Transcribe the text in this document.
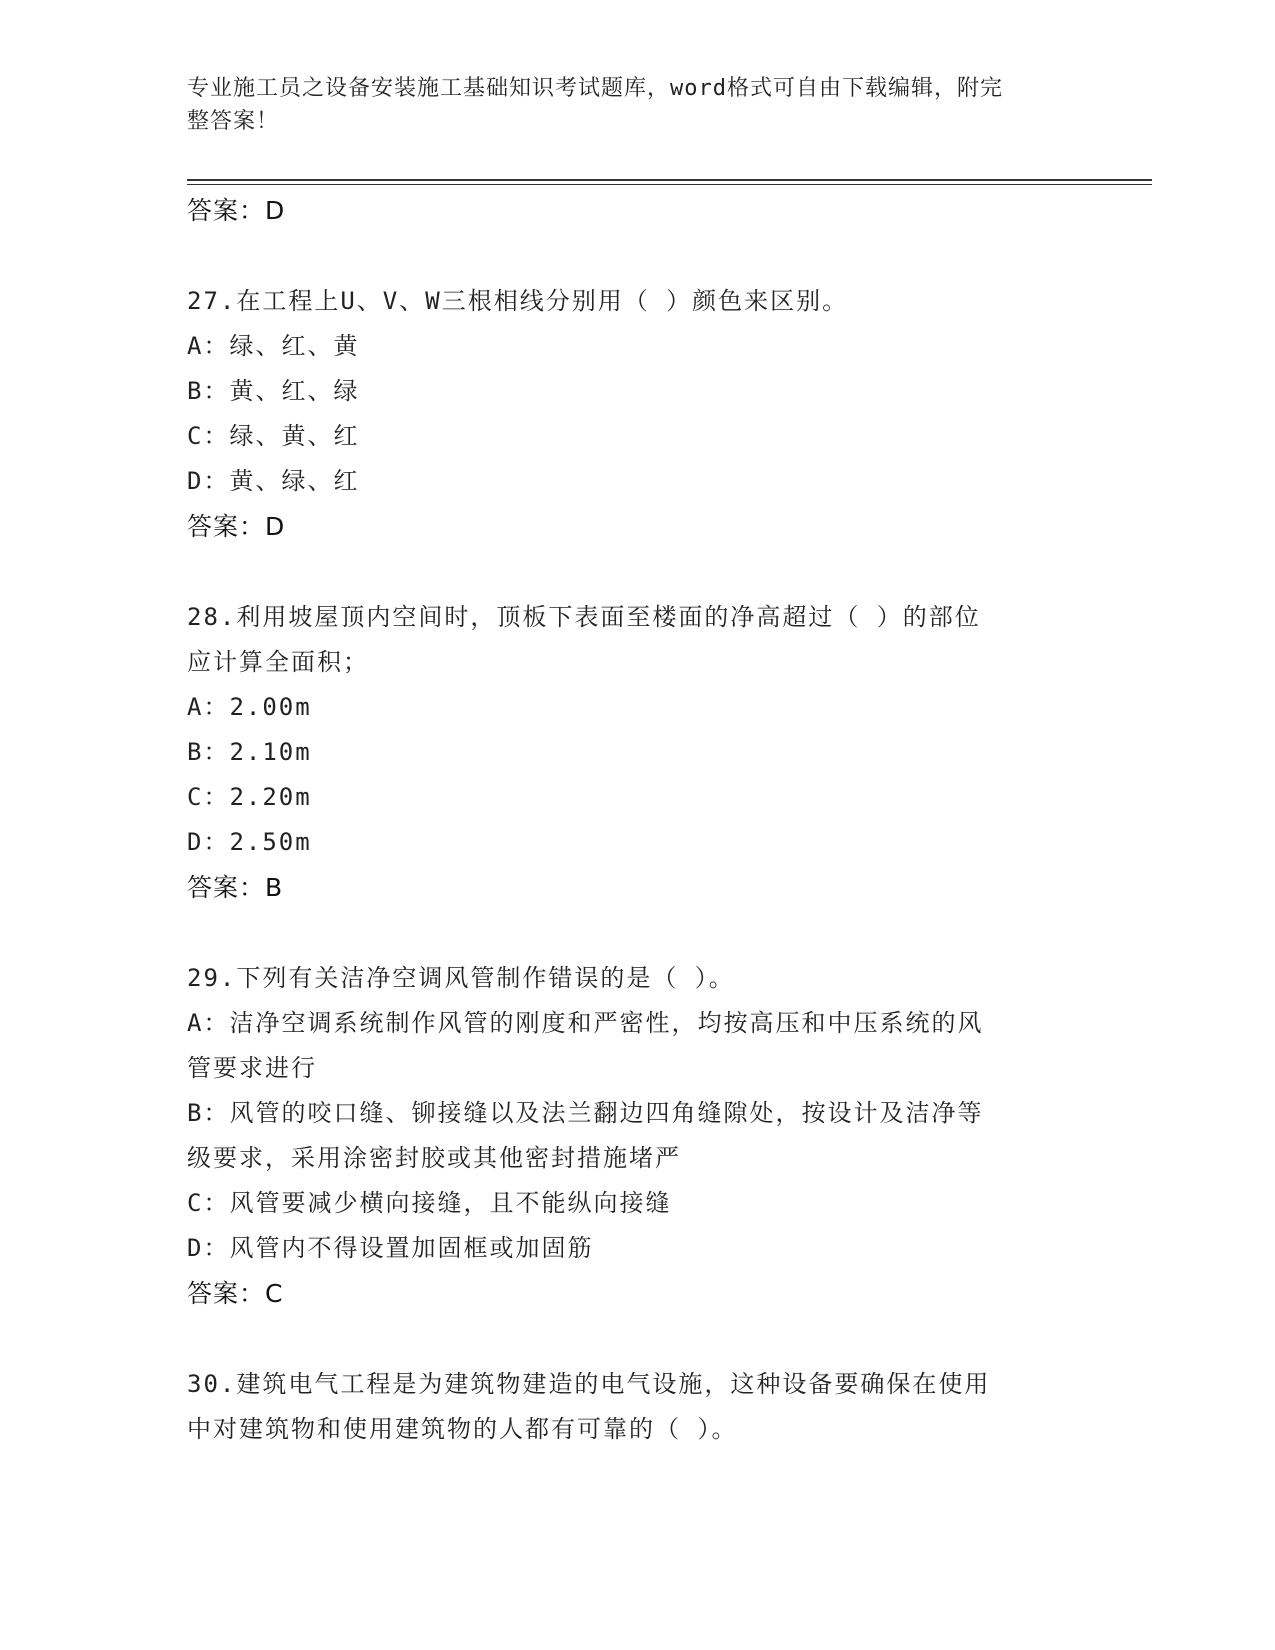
专业施工员之设备安装施工基础知识考试题库，word格式可自由下载编辑，附完
整答案！
答案：D
27.在工程上U、V、W三根相线分别用（ ）颜色来区别。
A：绿、红、黄
B：黄、红、绿
C：绿、黄、红
D：黄、绿、红
答案：D
28.利用坡屋顶内空间时，顶板下表面至楼面的净高超过（ ）的部位
应计算全面积；
A：2.00m
B：2.10m
C：2.20m
D：2.50m
答案：B
29.下列有关洁净空调风管制作错误的是（ ）。
A：洁净空调系统制作风管的刚度和严密性，均按高压和中压系统的风
管要求进行
B：风管的咬口缝、铆接缝以及法兰翻边四角缝隙处，按设计及洁净等
级要求，采用涂密封胶或其他密封措施堵严
C：风管要减少横向接缝，且不能纵向接缝
D：风管内不得设置加固框或加固筋
答案：C
30.建筑电气工程是为建筑物建造的电气设施，这种设备要确保在使用
中对建筑物和使用建筑物的人都有可靠的（ ）。
